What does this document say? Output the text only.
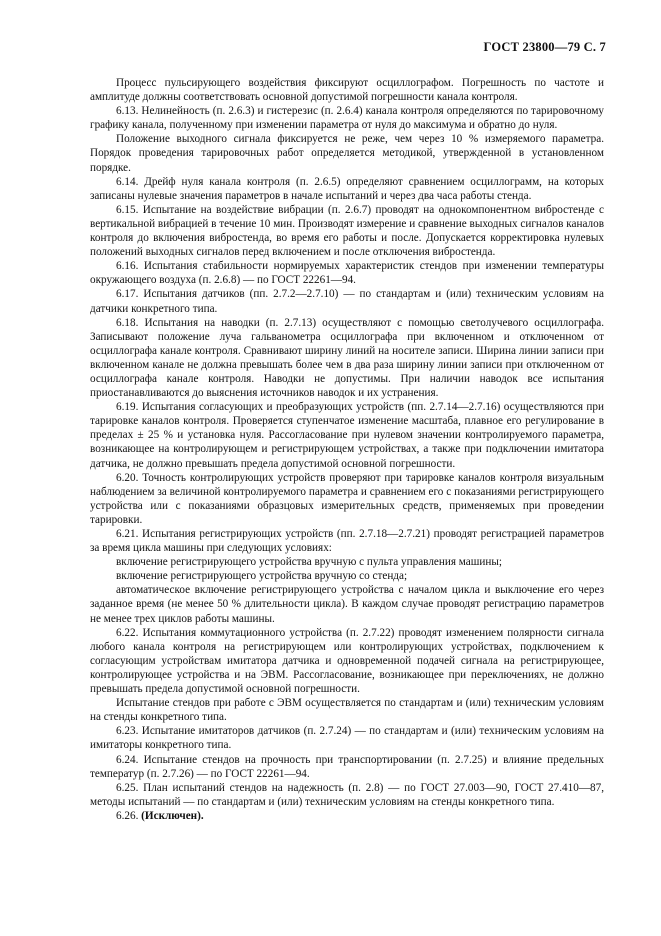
ГОСТ 23800—79 С. 7

Процесс пульсирующего воздействия фиксируют осциллографом. Погрешность по частоте и амплитуде должны соответствовать основной допустимой погрешности канала контроля.

6.13. Нелинейность (п. 2.6.3) и гистерезис (п. 2.6.4) канала контроля определяются по тарировочному графику канала, полученному при изменении параметра от нуля до максимума и обратно до нуля.

Положение выходного сигнала фиксируется не реже, чем через 10 % измеряемого параметра. Порядок проведения тарировочных работ определяется методикой, утвержденной в установленном порядке.

6.14. Дрейф нуля канала контроля (п. 2.6.5) определяют сравнением осциллограмм, на которых записаны нулевые значения параметров в начале испытаний и через два часа работы стенда.

6.15. Испытание на воздействие вибрации (п. 2.6.7) проводят на однокомпонентном вибростенде с вертикальной вибрацией в течение 10 мин. Производят измерение и сравнение выходных сигналов каналов контроля до включения вибростенда, во время его работы и после. Допускается корректировка нулевых положений выходных сигналов перед включением и после отключения вибростенда.

6.16. Испытания стабильности нормируемых характеристик стендов при изменении температуры окружающего воздуха (п. 2.6.8) — по ГОСТ 22261—94.

6.17. Испытания датчиков (пп. 2.7.2—2.7.10) — по стандартам и (или) техническим условиям на датчики конкретного типа.

6.18. Испытания на наводки (п. 2.7.13) осуществляют с помощью светолучевого осциллографа. Записывают положение луча гальванометра осциллографа при включенном и отключенном от осциллографа канале контроля. Сравнивают ширину линий на носителе записи. Ширина линии записи при включенном канале не должна превышать более чем в два раза ширину линии записи при отключенном от осциллографа канале контроля. Наводки не допустимы. При наличии наводок все испытания приостанавливаются до выяснения источников наводок и их устранения.

6.19. Испытания согласующих и преобразующих устройств (пп. 2.7.14—2.7.16) осуществляются при тарировке каналов контроля. Проверяется ступенчатое изменение масштаба, плавное его регулирование в пределах ± 25 % и установка нуля. Рассогласование при нулевом значении контролируемого параметра, возникающее на контролирующем и регистрирующем устройствах, а также при подключении имитатора датчика, не должно превышать предела допустимой основной погрешности.

6.20. Точность контролирующих устройств проверяют при тарировке каналов контроля визуальным наблюдением за величиной контролируемого параметра и сравнением его с показаниями регистрирующего устройства или с показаниями образцовых измерительных средств, применяемых при проведении тарировки.

6.21. Испытания регистрирующих устройств (пп. 2.7.18—2.7.21) проводят регистрацией параметров за время цикла машины при следующих условиях:

включение регистрирующего устройства вручную с пульта управления машины;

включение регистрирующего устройства вручную со стенда;

автоматическое включение регистрирующего устройства с началом цикла и выключение его через заданное время (не менее 50 % длительности цикла). В каждом случае проводят регистрацию параметров не менее трех циклов работы машины.

6.22. Испытания коммутационного устройства (п. 2.7.22) проводят изменением полярности сигнала любого канала контроля на регистрирующем или контролирующих устройствах, подключением к согласующим устройствам имитатора датчика и одновременной подачей сигнала на регистрирующее, контролирующее устройства и на ЭВМ. Рассогласование, возникающее при переключениях, не должно превышать предела допустимой основной погрешности.

Испытание стендов при работе с ЭВМ осуществляется по стандартам и (или) техническим условиям на стенды конкретного типа.

6.23. Испытание имитаторов датчиков (п. 2.7.24) — по стандартам и (или) техническим условиям на имитаторы конкретного типа.

6.24. Испытание стендов на прочность при транспортировании (п. 2.7.25) и влияние предельных температур (п. 2.7.26) — по ГОСТ 22261—94.

6.25. План испытаний стендов на надежность (п. 2.8) — по ГОСТ 27.003—90, ГОСТ 27.410—87, методы испытаний — по стандартам и (или) техническим условиям на стенды конкретного типа.

6.26. (Исключен).
